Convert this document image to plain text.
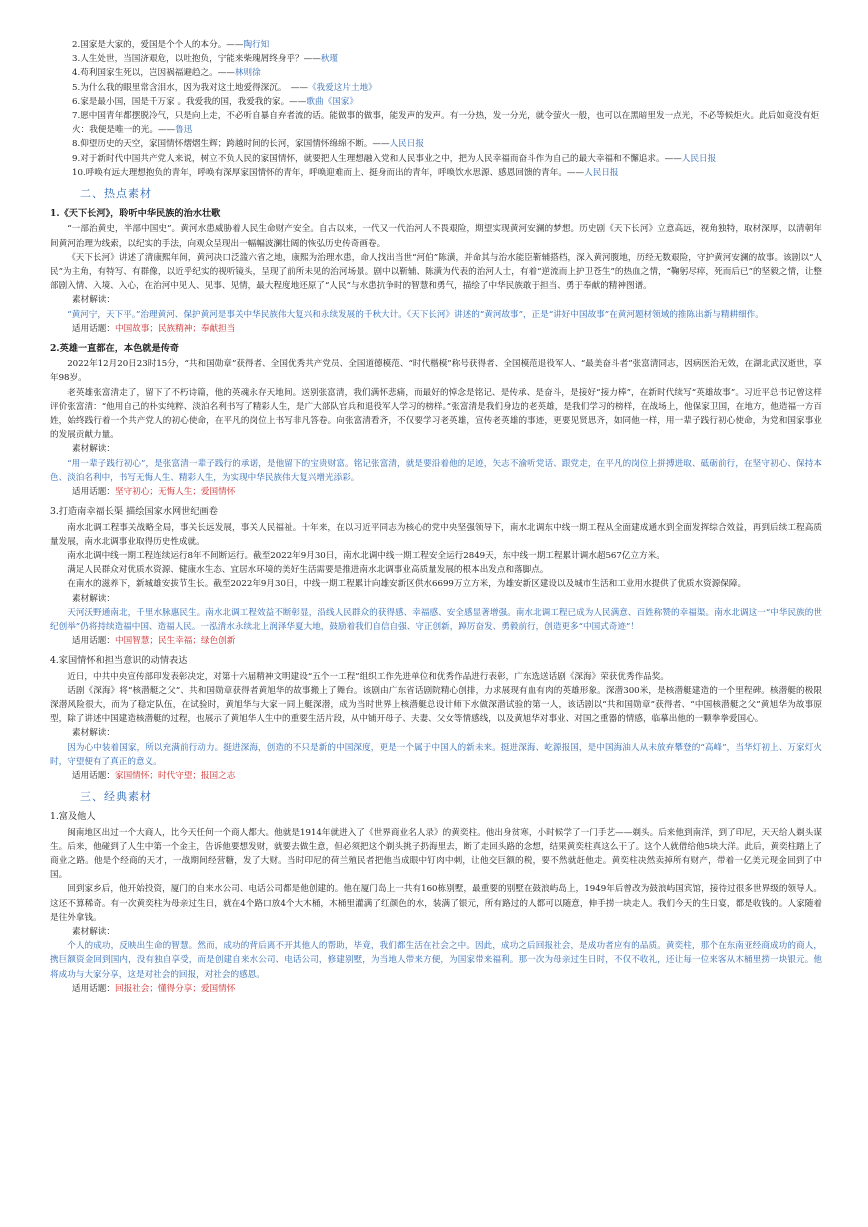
2.国家是大家的，爱国是个个人的本分。——陶行知

3.人生处世，当国济艰危，以吐抱负，宁能来柴瑰屑终身乎？——秋瑾

4.苟利国家生死以，岂因祸福避趋之。——林则徐

5.为什么我的眼里常含泪水，因为我对这土地爱得深沉。　——《我爱这片土地》

6.家是最小国，国是千万家 。我爱我的国，我爱我的家。——歌曲《国家》

7.愿中国青年都摆脱冷气，只是向上走，不必听自暴自弃者流的话。能做事的做事，能发声的发声。有一分热，发一分光，就令萤火一般，也可以在黑暗里发一点光，不必等候炬火。此后如竟没有炬火：我便是唯一的光。——鲁迅

8.仰望历史的天空，家国情怀熠熠生辉；跨越时间的长河，家国情怀绵绵不断。——人民日报

9.对于新时代中国共产党人来说，树立不负人民的家国情怀，就要把人生理想融入党和人民事业之中，把为人民幸福而奋斗作为自己的最大幸福和不懈追求。——人民日报

10.呼唤有远大理想抱负的青年，呼唤有深厚家国情怀的青年，呼唤迎难而上、挺身而出的青年，呼唤饮水思源、感恩回馈的青年。——人民日报

二、热点素材
1.《天下长河》，聆听中华民族的治水壮歌

“一部治黄史，半部中国史”。黄河水患威胁着人民生命财产安全。自古以来，一代又一代治河人不畏艰险，期望实现黄河安澜的梦想。历史剧《天下长河》立意高远，视角独特，取材深厚，以清朝年间黄河治理为线索，以纪实的手法，向观众呈现出一幅幅波澜壮阔的恢弘历史传奇画卷。

《天下长河》讲述了清康熙年间，黄河决口泛滥六省之地，康熙为治理水患，命人找出当世“河伯”陈潢，并命其与治水能臣靳辅搭档，深入黄河腹地，历经无数艰险，守护黄河安澜的故事。该剧以“人民”为主角，有特写、有群像，以近乎纪实的视听镜头，呈现了前所未见的治河场景。剧中以靳辅、陈潢为代表的治河人士，有着“逆流而上护卫苍生”的热血之情，“鞠躬尽瘁，死而后已”的坚毅之情，让整部剧入情、入境、入心，在治河中见人、见事、见情，最大程度地还原了“人民”与水患抗争时的智慧和勇气，描绘了中华民族敢于担当、勇于奉献的精神图谱。

素材解读：

“黄河宁，天下平。”治理黄河、保护黄河是事关中华民族伟大复兴和永续发展的千秋大计。《天下长河》讲述的“黄河故事”，正是“讲好中国故事”在黄河题材领域的推陈出新与精耕细作。

适用话题：中国故事；民族精神；奉献担当

2.英雄一直都在，本色就是传奇

2022年12月20日23时15分，“共和国勋章”获得者、全国优秀共产党员、全国道德模范、“时代楷模”称号获得者、全国模范退役军人、“最美奋斗者”张富清同志，因病医治无效，在湖北武汉逝世，享年98岁。

老英雄张富清走了，留下了不朽诗篇，他的英魂永存天地间。送别张富清，我们满怀悲痛，而最好的悼念是铭记、是传承、是奋斗，是接好“接力棒”，在新时代续写“英雄故事”。习近平总书记曾这样评价张富清：“他用自己的朴实纯粹、淡泊名利书写了精彩人生，是广大部队官兵和退役军人学习的榜样。”张富清是我们身边的老英雄，是我们学习的榜样，在战场上，他保家卫国，在地方，他造福一方百姓，始终践行着一个共产党人的初心使命，在平凡的岗位上书写非凡答卷。向张富清看齐，不仅要学习老英雄，宣传老英雄的事迹，更要见贤思齐，如同他一样，用一辈子践行初心使命，为党和国家事业的发展贡献力量。

素材解读：

“用一辈子践行初心”，是张富清一辈子践行的承诺，是他留下的宝贵财富。铭记张富清，就是要沿着他的足迹，矢志不渝听党话、跟党走，在平凡的岗位上拼搏进取、砥砺前行，在坚守初心、保持本色、淡泊名利中，书写无悔人生、精彩人生，为实现中华民族伟大复兴增光添彩。

适用话题：坚守初心；无悔人生；爱国情怀

3.打造南幸福长渠 描绘国家水网世纪画卷

南水北调工程事关战略全局，事关长远发展，事关人民福祉。十年来，在以习近平同志为核心的党中央坚强领导下，南水北调东中线一期工程从全面建成通水到全面发挥综合效益，再到后续工程高质量发展，南水北调事业取得历史性成就。

南水北调中线一期工程连续运行8年不间断运行。截至2022年9月30日，南水北调中线一期工程安全运行2849天，东中线一期工程累计调水超567亿立方米。

满足人民群众对优质水资源、健康水生态、宜居水环境的美好生活需要是推进南水北调事业高质量发展的根本出发点和落脚点。

在南水的滋养下，新城雄安拔节生长。截至2022年9月30日，中线一期工程累计向雄安新区供水6699万立方米，为雄安新区建设以及城市生活和工业用水提供了优质水资源保障。

素材解读：

天河沃野通南北，千里水脉惠民生。南水北调工程效益不断彰显，沿线人民群众的获得感、幸福感、安全感显著增强。南水北调工程已成为人民满意、百姓称赞的幸福渠。南水北调这一“中华民族的世纪创举”仍将持续造福中国、造福人民。一泓清水永续北上润泽华夏大地，鼓励着我们自信自强、守正创新，踔厉奋发、勇毅前行，创造更多“中国式奇迹”！

适用话题：中国智慧；民生幸福；绿色创新

4.家国情怀和担当意识的动情表达

近日，中共中央宣传部印发表彰决定，对第十六届精神文明建设“五个一工程”组织工作先进单位和优秀作品进行表彰，广东选送话剧《深海》荣获优秀作品奖。

话剧《深海》将“核潜艇之父”、共和国勋章获得者黄旭华的故事搬上了舞台。该剧由广东省话剧院精心创排，力求展现有血有肉的英雄形象。深潜300米，是核潜艇建造的一个里程碑。核潜艇的极限深潜风险很大，而为了稳定队伍，在试验时，黄旭华与大家一同上艇深潜，成为当时世界上核潜艇总设计师下水做深潜试验的第一人，该话剧以“共和国勋章”获得者、“中国核潜艇之父”黄旭华为故事原型，除了讲述中国建造核潜艇的过程，也展示了黄旭华人生中的重要生活片段，从中铺开母子、夫妻、父女等情感线，以及黄旭华对事业、对国之重器的情感，临摹出他的一颗拳拳爱国心。

素材解读：

因为心中装着国家，所以充满前行动力。挺进深海，创造的不只是新的中国深度，更是一个属于中国人的新未来。挺进深海、屹源报国，是中国海油人从未放弃攀登的“高峰”，当华灯初上、万家灯火时，守望便有了真正的意义。

适用话题：家国情怀；时代守望；报国之志

三、经典素材
1.富及他人

闽南地区出过一个大商人，比今天任何一个商人都大。他就是1914年就进入了《世界商业名人录》的黄奕柱。他出身贫寒，小时候学了一门手艺——剃头。后来他到南洋，到了印尼，天天给人剃头谋生。后来，他碰到了人生中第一个金主，告诉他要想发财，就要去做生意，但必须把这个剃头挑子扔海里去，断了走回头路的念想，结果黄奕柱真这么干了。这个人就借给他5块大洋。此后，黄奕柱踏上了商业之路。他是个经商的天才，一战期间经营糖，发了大财。当时印尼的荷兰殖民者把他当成眼中钉肉中刺，让他交巨额的税，要不然就赶他走。黄奕柱决然卖掉所有财产，带着一亿美元现金回到了中国。

回到家乡后，他开始投资，厦门的自来水公司、电话公司都是他创建的。他在厦门岛上一共有160栋别墅，最重要的别墅在鼓浪屿岛上，1949年后曾改为鼓浪屿国宾馆，接待过很多世界级的领导人。这还不算稀奇。有一次黄奕柱为母亲过生日，就在4个路口放4个大木桶，木桶里灌满了红颜色的水，装满了银元，所有路过的人都可以随意，伸手捞一块走人。我们今天的生日宴，都是收钱的。人家随着是往外拿钱。

素材解读：

个人的成功，反映出生命的智慧。然而，成功的背后离不开其他人的帮助，毕竟，我们都生活在社会之中。因此，成功之后回报社会，是成功者应有的品质。黄奕柱，那个在东南亚经商成功的商人，携巨额资金回到国内，没有独自享受，而是创建自来水公司、电话公司，修建别墅，为当地人带来方便，为国家带来福利。那一次为母亲过生日时，不仅不收礼，还让每一位来客从木桶里捞一块银元。他将成功与大家分享，这是对社会的回报，对社会的感恩。

适用话题：回报社会；懂得分享；爱国情怀
